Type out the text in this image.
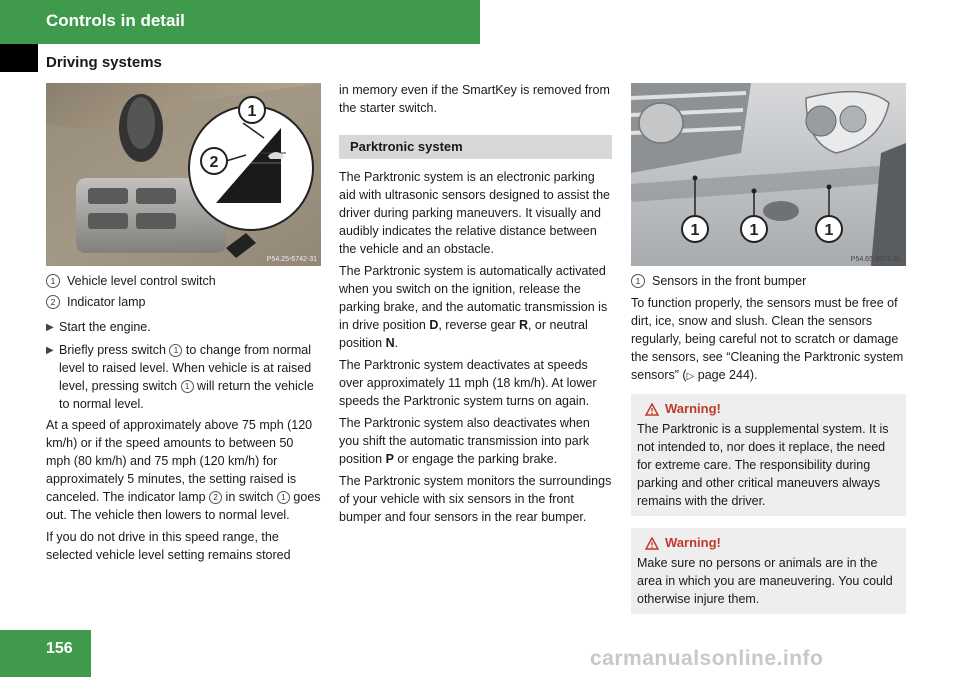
Controls in detail
Driving systems
1
2
P54.25-6742-31
1 Vehicle level control switch
2 Indicator lamp
▶ Start the engine.
▶ Briefly press switch 1 to change from normal level to raised level. When vehicle is at raised level, pressing switch 1 will return the vehicle to normal level.

At a speed of approximately above 75 mph (120 km/h) or if the speed amounts to between 50 mph (80 km/h) and 75 mph (120 km/h) for approximately 5 minutes, the setting raised is canceled. The indicator lamp 2 in switch 1 goes out. The vehicle then lowers to normal level.

If you do not drive in this speed range, the selected vehicle level setting remains stored

in memory even if the SmartKey is removed from the starter switch.

Parktronic system

The Parktronic system is an electronic parking aid with ultrasonic sensors designed to assist the driver during parking maneuvers. It visually and audibly indicates the relative distance between the vehicle and an obstacle.

The Parktronic system is automatically activated when you switch on the ignition, release the parking brake, and the automatic transmission is in drive position D, reverse gear R, or neutral position N.

The Parktronic system deactivates at speeds over approximately 11 mph (18 km/h). At lower speeds the Parktronic system turns on again.

The Parktronic system also deactivates when you shift the automatic transmission into park position P or engage the parking brake.

The Parktronic system monitors the surroundings of your vehicle with six sensors in the front bumper and four sensors in the rear bumper.

1	1	1
P54.65-3572-31
1 Sensors in the front bumper

To function properly, the sensors must be free of dirt, ice, snow and slush. Clean the sensors regularly, being careful not to scratch or damage the sensors, see “Cleaning the Parktronic system sensors” (▷ page 244).

Warning!
The Parktronic is a supplemental system. It is not intended to, nor does it replace, the need for extreme care. The responsibility during parking and other critical maneuvers always remains with the driver.
Warning!
Make sure no persons or animals are in the area in which you are maneuvering. You could otherwise injure them.
156	carmanualsonline.info
